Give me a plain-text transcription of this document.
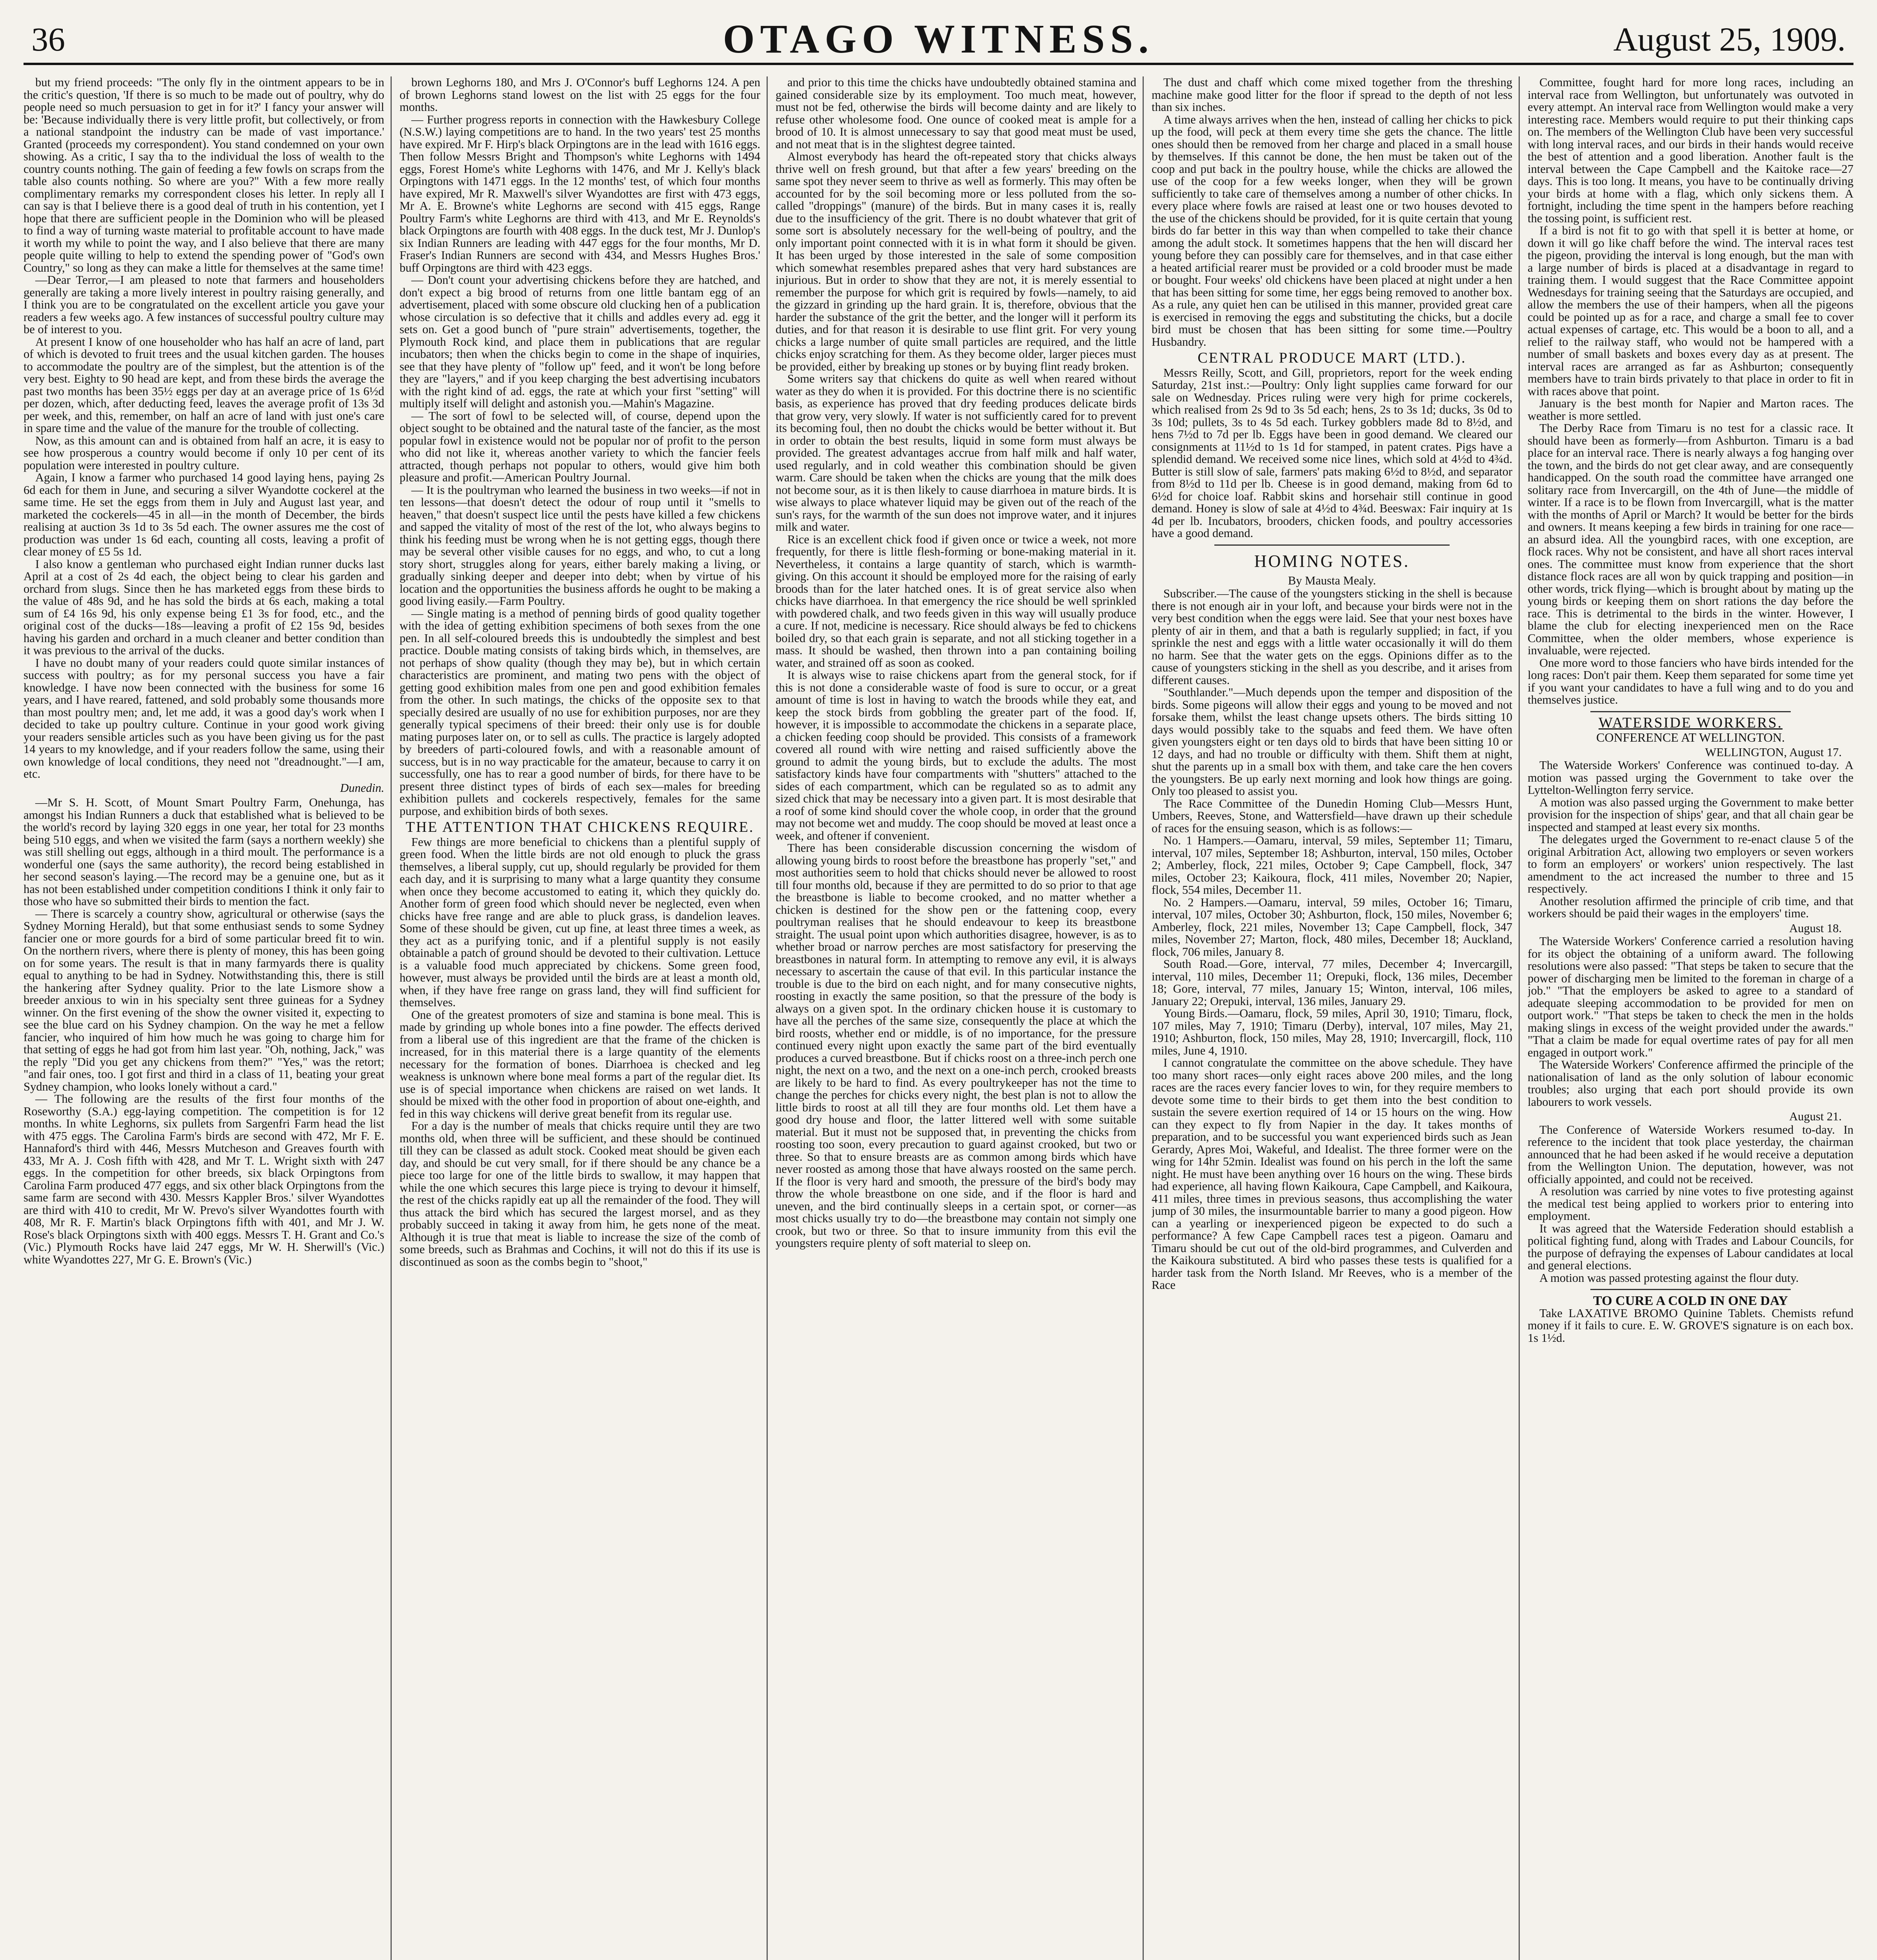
36	OTAGO WITNESS.	August 25, 1909.

but my friend proceeds: "The only fly in the ointment appears to be in the critic's question, 'If there is so much to be made out of poultry, why do people need so much persuasion to get in for it?' I fancy your answer will be: 'Because individually there is very little profit, but collectively, or from a national standpoint the industry can be made of vast importance.' Granted (proceeds my correspondent). You stand condemned on your own showing. As a critic, I say tha to the individual the loss of wealth to the country counts nothing. The gain of feeding a few fowls on scraps from the table also counts nothing. So where are you?" With a few more really complimentary remarks my correspondent closes his letter. In reply all I can say is that I believe there is a good deal of truth in his contention, yet I hope that there are sufficient people in the Dominion who will be pleased to find a way of turning waste material to profitable account to have made it worth my while to point the way, and I also believe that there are many people quite willing to help to extend the spending power of "God's own Country," so long as they can make a little for themselves at the same time!

—Dear Terror,—I am pleased to note that farmers and householders generally are taking a more lively interest in poultry raising generally, and I think you are to be congratulated on the excellent article you gave your readers a few weeks ago. A few instances of successful poultry culture may be of interest to you.

At present I know of one householder who has half an acre of land, part of which is devoted to fruit trees and the usual kitchen garden. The houses to accommodate the poultry are of the simplest, but the attention is of the very best. Eighty to 90 head are kept, and from these birds the average the past two months has been 35½ eggs per day at an average price of 1s 6½d per dozen, which, after deducting feed, leaves the average profit of 13s 3d per week, and this, remember, on half an acre of land with just one's care in spare time and the value of the manure for the trouble of collecting.

Now, as this amount can and is obtained from half an acre, it is easy to see how prosperous a country would become if only 10 per cent of its population were interested in poultry culture.

Again, I know a farmer who purchased 14 good laying hens, paying 2s 6d each for them in June, and securing a silver Wyandotte cockerel at the same time. He set the eggs from them in July and August last year, and marketed the cockerels—45 in all—in the month of December, the birds realising at auction 3s 1d to 3s 5d each. The owner assures me the cost of production was under 1s 6d each, counting all costs, leaving a profit of clear money of £5 5s 1d.

I also know a gentleman who purchased eight Indian runner ducks last April at a cost of 2s 4d each, the object being to clear his garden and orchard from slugs. Since then he has marketed eggs from these birds to the value of 48s 9d, and he has sold the birds at 6s each, making a total sum of £4 16s 9d, his only expense being £1 3s for food, etc., and the original cost of the ducks—18s—leaving a profit of £2 15s 9d, besides having his garden and orchard in a much cleaner and better condition than it was previous to the arrival of the ducks.

I have no doubt many of your readers could quote similar instances of success with poultry; as for my personal success you have a fair knowledge. I have now been connected with the business for some 16 years, and I have reared, fattened, and sold probably some thousands more than most poultry men; and, let me add, it was a good day's work when I decided to take up poultry culture. Continue in your good work giving your readers sensible articles such as you have been giving us for the past 14 years to my knowledge, and if your readers follow the same, using their own knowledge of local conditions, they need not "dreadnought."—I am, etc.

Dunedin.

—Mr S. H. Scott, of Mount Smart Poultry Farm, Onehunga, has amongst his Indian Runners a duck that established what is believed to be the world's record by laying 320 eggs in one year, her total for 23 months being 510 eggs, and when we visited the farm (says a northern weekly) she was still shelling out eggs, although in a third moult. The performance is a wonderful one (says the same authority), the record being established in her second season's laying.—The record may be a genuine one, but as it has not been established under competition conditions I think it only fair to those who have so submitted their birds to mention the fact.

— There is scarcely a country show, agricultural or otherwise (says the Sydney Morning Herald), but that some enthusiast sends to some Sydney fancier one or more gourds for a bird of some particular breed fit to win. On the northern rivers, where there is plenty of money, this has been going on for some years. The result is that in many farmyards there is quality equal to anything to be had in Sydney. Notwithstanding this, there is still the hankering after Sydney quality. Prior to the late Lismore show a breeder anxious to win in his specialty sent three guineas for a Sydney winner. On the first evening of the show the owner visited it, expecting to see the blue card on his Sydney champion. On the way he met a fellow fancier, who inquired of him how much he was going to charge him for that setting of eggs he had got from him last year. "Oh, nothing, Jack," was the reply "Did you get any chickens from them?" "Yes," was the retort; "and fair ones, too. I got first and third in a class of 11, beating your great Sydney champion, who looks lonely without a card."

— The following are the results of the first four months of the Roseworthy (S.A.) egg-laying competition. The competition is for 12 months. In white Leghorns, six pullets from Sargenfri Farm head the list with 475 eggs. The Carolina Farm's birds are second with 472, Mr F. E. Hannaford's third with 446, Messrs Mutcheson and Greaves fourth with 433, Mr A. J. Cosh fifth with 428, and Mr T. L. Wright sixth with 247 eggs. In the competition for other breeds, six black Orpingtons from Carolina Farm produced 477 eggs, and six other black Orpingtons from the same farm are second with 430. Messrs Kappler Bros.' silver Wyandottes are third with 410 to credit, Mr W. Prevo's silver Wyandottes fourth with 408, Mr R. F. Martin's black Orpingtons fifth with 401, and Mr J. W. Rose's black Orpingtons sixth with 400 eggs. Messrs T. H. Grant and Co.'s (Vic.) Plymouth Rocks have laid 247 eggs, Mr W. H. Sherwill's (Vic.) white Wyandottes 227, Mr G. E. Brown's (Vic.)

brown Leghorns 180, and Mrs J. O'Connor's buff Leghorns 124. A pen of brown Leghorns stand lowest on the list with 25 eggs for the four months.

— Further progress reports in connection with the Hawkesbury College (N.S.W.) laying competitions are to hand. In the two years' test 25 months have expired. Mr F. Hirp's black Orpingtons are in the lead with 1616 eggs. Then follow Messrs Bright and Thompson's white Leghorns with 1494 eggs, Forest Home's white Leghorns with 1476, and Mr J. Kelly's black Orpingtons with 1471 eggs. In the 12 months' test, of which four months have expired, Mr R. Maxwell's silver Wyandottes are first with 473 eggs, Mr A. E. Browne's white Leghorns are second with 415 eggs, Range Poultry Farm's white Leghorns are third with 413, and Mr E. Reynolds's black Orpingtons are fourth with 408 eggs. In the duck test, Mr J. Dunlop's six Indian Runners are leading with 447 eggs for the four months, Mr D. Fraser's Indian Runners are second with 434, and Messrs Hughes Bros.' buff Orpingtons are third with 423 eggs.

— Don't count your advertising chickens before they are hatched, and don't expect a big brood of returns from one little bantam egg of an advertisement, placed with some obscure old clucking hen of a publication whose circulation is so defective that it chills and addles every ad. egg it sets on. Get a good bunch of "pure strain" advertisements, together, the Plymouth Rock kind, and place them in publications that are regular incubators; then when the chicks begin to come in the shape of inquiries, see that they have plenty of "follow up" feed, and it won't be long before they are "layers," and if you keep charging the best advertising incubators with the right kind of ad. eggs, the rate at which your first "setting" will multiply itself will delight and astonish you.—Mahin's Magazine.

— The sort of fowl to be selected will, of course, depend upon the object sought to be obtained and the natural taste of the fancier, as the most popular fowl in existence would not be popular nor of profit to the person who did not like it, whereas another variety to which the fancier feels attracted, though perhaps not popular to others, would give him both pleasure and profit.—American Poultry Journal.

— It is the poultryman who learned the business in two weeks—if not in ten lessons—that doesn't detect the odour of roup until it "smells to heaven," that doesn't suspect lice until the pests have killed a few chickens and sapped the vitality of most of the rest of the lot, who always begins to think his feeding must be wrong when he is not getting eggs, though there may be several other visible causes for no eggs, and who, to cut a long story short, struggles along for years, either barely making a living, or gradually sinking deeper and deeper into debt; when by virtue of his location and the opportunities the business affords he ought to be making a good living easily.—Farm Poultry.

— Single mating is a method of penning birds of good quality together with the idea of getting exhibition specimens of both sexes from the one pen. In all self-coloured breeds this is undoubtedly the simplest and best practice. Double mating consists of taking birds which, in themselves, are not perhaps of show quality (though they may be), but in which certain characteristics are prominent, and mating two pens with the object of getting good exhibition males from one pen and good exhibition females from the other. In such matings, the chicks of the opposite sex to that specially desired are usually of no use for exhibition purposes, nor are they generally typical specimens of their breed: their only use is for double mating purposes later on, or to sell as culls. The practice is largely adopted by breeders of parti-coloured fowls, and with a reasonable amount of success, but is in no way practicable for the amateur, because to carry it on successfully, one has to rear a good number of birds, for there have to be present three distinct types of birds of each sex—males for breeding exhibition pullets and cockerels respectively, females for the same purpose, and exhibition birds of both sexes.

THE ATTENTION THAT CHICKENS REQUIRE.

Few things are more beneficial to chickens than a plentiful supply of green food. When the little birds are not old enough to pluck the grass themselves, a liberal supply, cut up, should regularly be provided for them each day, and it is surprising to many what a large quantity they consume when once they become accustomed to eating it, which they quickly do. Another form of green food which should never be neglected, even when chicks have free range and are able to pluck grass, is dandelion leaves. Some of these should be given, cut up fine, at least three times a week, as they act as a purifying tonic, and if a plentiful supply is not easily obtainable a patch of ground should be devoted to their cultivation. Lettuce is a valuable food much appreciated by chickens. Some green food, however, must always be provided until the birds are at least a month old, when, if they have free range on grass land, they will find sufficient for themselves.

One of the greatest promoters of size and stamina is bone meal. This is made by grinding up whole bones into a fine powder. The effects derived from a liberal use of this ingredient are that the frame of the chicken is increased, for in this material there is a large quantity of the elements necessary for the formation of bones. Diarrhoea is checked and leg weakness is unknown where bone meal forms a part of the regular diet. Its use is of special importance when chickens are raised on wet lands. It should be mixed with the other food in proportion of about one-eighth, and fed in this way chickens will derive great benefit from its regular use.

For a day is the number of meals that chicks require until they are two months old, when three will be sufficient, and these should be continued till they can be classed as adult stock. Cooked meat should be given each day, and should be cut very small, for if there should be any chance be a piece too large for one of the little birds to swallow, it may happen that while the one which secures this large piece is trying to devour it himself, the rest of the chicks rapidly eat up all the remainder of the food. They will thus attack the bird which has secured the largest morsel, and as they probably succeed in taking it away from him, he gets none of the meat. Although it is true that meat is liable to increase the size of the comb of some breeds, such as Brahmas and Cochins, it will not do this if its use is discontinued as soon as the combs begin to "shoot,"

and prior to this time the chicks have undoubtedly obtained stamina and gained considerable size by its employment. Too much meat, however, must not be fed, otherwise the birds will become dainty and are likely to refuse other wholesome food. One ounce of cooked meat is ample for a brood of 10. It is almost unnecessary to say that good meat must be used, and not meat that is in the slightest degree tainted.

Almost everybody has heard the oft-repeated story that chicks always thrive well on fresh ground, but that after a few years' breeding on the same spot they never seem to thrive as well as formerly. This may often be accounted for by the soil becoming more or less polluted from the so-called "droppings" (manure) of the birds. But in many cases it is, really due to the insufficiency of the grit. There is no doubt whatever that grit of some sort is absolutely necessary for the well-being of poultry, and the only important point connected with it is in what form it should be given. It has been urged by those interested in the sale of some composition which somewhat resembles prepared ashes that very hard substances are injurious. But in order to show that they are not, it is merely essential to remember the purpose for which grit is required by fowls—namely, to aid the gizzard in grinding up the hard grain. It is, therefore, obvious that the harder the substance of the grit the better, and the longer will it perform its duties, and for that reason it is desirable to use flint grit. For very young chicks a large number of quite small particles are required, and the little chicks enjoy scratching for them. As they become older, larger pieces must be provided, either by breaking up stones or by buying flint ready broken.

Some writers say that chickens do quite as well when reared without water as they do when it is provided. For this doctrine there is no scientific basis, as experience has proved that dry feeding produces delicate birds that grow very, very slowly. If water is not sufficiently cared for to prevent its becoming foul, then no doubt the chicks would be better without it. But in order to obtain the best results, liquid in some form must always be provided. The greatest advantages accrue from half milk and half water, used regularly, and in cold weather this combination should be given warm. Care should be taken when the chicks are young that the milk does not become sour, as it is then likely to cause diarrhoea in mature birds. It is wise always to place whatever liquid may be given out of the reach of the sun's rays, for the warmth of the sun does not improve water, and it injures milk and water.

Rice is an excellent chick food if given once or twice a week, not more frequently, for there is little flesh-forming or bone-making material in it. Nevertheless, it contains a large quantity of starch, which is warmth-giving. On this account it should be employed more for the raising of early broods than for the later hatched ones. It is of great service also when chicks have diarrhoea. In that emergency the rice should be well sprinkled with powdered chalk, and two feeds given in this way will usually produce a cure. If not, medicine is necessary. Rice should always be fed to chickens boiled dry, so that each grain is separate, and not all sticking together in a mass. It should be washed, then thrown into a pan containing boiling water, and strained off as soon as cooked.

It is always wise to raise chickens apart from the general stock, for if this is not done a considerable waste of food is sure to occur, or a great amount of time is lost in having to watch the broods while they eat, and keep the stock birds from gobbling the greater part of the food. If, however, it is impossible to accommodate the chickens in a separate place, a chicken feeding coop should be provided. This consists of a framework covered all round with wire netting and raised sufficiently above the ground to admit the young birds, but to exclude the adults. The most satisfactory kinds have four compartments with "shutters" attached to the sides of each compartment, which can be regulated so as to admit any sized chick that may be necessary into a given part. It is most desirable that a roof of some kind should cover the whole coop, in order that the ground may not become wet and muddy. The coop should be moved at least once a week, and oftener if convenient.

There has been considerable discussion concerning the wisdom of allowing young birds to roost before the breastbone has properly "set," and most authorities seem to hold that chicks should never be allowed to roost till four months old, because if they are permitted to do so prior to that age the breastbone is liable to become crooked, and no matter whether a chicken is destined for the show pen or the fattening coop, every poultryman realises that he should endeavour to keep its breastbone straight. The usual point upon which authorities disagree, however, is as to whether broad or narrow perches are most satisfactory for preserving the breastbones in natural form. In attempting to remove any evil, it is always necessary to ascertain the cause of that evil. In this particular instance the trouble is due to the bird on each night, and for many consecutive nights, roosting in exactly the same position, so that the pressure of the body is always on a given spot. In the ordinary chicken house it is customary to have all the perches of the same size, consequently the place at which the bird roosts, whether end or middle, is of no importance, for the pressure continued every night upon exactly the same part of the bird eventually produces a curved breastbone. But if chicks roost on a three-inch perch one night, the next on a two, and the next on a one-inch perch, crooked breasts are likely to be hard to find. As every poultrykeeper has not the time to change the perches for chicks every night, the best plan is not to allow the little birds to roost at all till they are four months old. Let them have a good dry house and floor, the latter littered well with some suitable material. But it must not be supposed that, in preventing the chicks from roosting too soon, every precaution to guard against crooked, but two or three. So that to ensure breasts are as common among birds which have never roosted as among those that have always roosted on the same perch. If the floor is very hard and smooth, the pressure of the bird's body may throw the whole breastbone on one side, and if the floor is hard and uneven, and the bird continually sleeps in a certain spot, or corner—as most chicks usually try to do—the breastbone may contain not simply one crook, but two or three. So that to insure immunity from this evil the youngsters require plenty of soft material to sleep on.

The dust and chaff which come mixed together from the threshing machine make good litter for the floor if spread to the depth of not less than six inches.

A time always arrives when the hen, instead of calling her chicks to pick up the food, will peck at them every time she gets the chance. The little ones should then be removed from her charge and placed in a small house by themselves. If this cannot be done, the hen must be taken out of the coop and put back in the poultry house, while the chicks are allowed the use of the coop for a few weeks longer, when they will be grown sufficiently to take care of themselves among a number of other chicks. In every place where fowls are raised at least one or two houses devoted to the use of the chickens should be provided, for it is quite certain that young birds do far better in this way than when compelled to take their chance among the adult stock. It sometimes happens that the hen will discard her young before they can possibly care for themselves, and in that case either a heated artificial rearer must be provided or a cold brooder must be made or bought. Four weeks' old chickens have been placed at night under a hen that has been sitting for some time, her eggs being removed to another box. As a rule, any quiet hen can be utilised in this manner, provided great care is exercised in removing the eggs and substituting the chicks, but a docile bird must be chosen that has been sitting for some time.—Poultry Husbandry.

CENTRAL PRODUCE MART (LTD.).

Messrs Reilly, Scott, and Gill, proprietors, report for the week ending Saturday, 21st inst.:—Poultry: Only light supplies came forward for our sale on Wednesday. Prices ruling were very high for prime cockerels, which realised from 2s 9d to 3s 5d each; hens, 2s to 3s 1d; ducks, 3s 0d to 3s 10d; pullets, 3s to 4s 5d each. Turkey gobblers made 8d to 8½d, and hens 7½d to 7d per lb. Eggs have been in good demand. We cleared our consignments at 11½d to 1s 1d for stamped, in patent crates. Pigs have a splendid demand. We received some nice lines, which sold at 4½d to 4¾d. Butter is still slow of sale, farmers' pats making 6½d to 8½d, and separator from 8½d to 11d per lb. Cheese is in good demand, making from 6d to 6½d for choice loaf. Rabbit skins and horsehair still continue in good demand. Honey is slow of sale at 4½d to 4¾d. Beeswax: Fair inquiry at 1s 4d per lb. Incubators, brooders, chicken foods, and poultry accessories have a good demand.

HOMING NOTES.
By Mausta Mealy.

Subscriber.—The cause of the youngsters sticking in the shell is because there is not enough air in your loft, and because your birds were not in the very best condition when the eggs were laid. See that your nest boxes have plenty of air in them, and that a bath is regularly supplied; in fact, if you sprinkle the nest and eggs with a little water occasionally it will do them no harm. See that the water gets on the eggs. Opinions differ as to the cause of youngsters sticking in the shell as you describe, and it arises from different causes.

"Southlander."—Much depends upon the temper and disposition of the birds. Some pigeons will allow their eggs and young to be moved and not forsake them, whilst the least change upsets others. The birds sitting 10 days would possibly take to the squabs and feed them. We have often given youngsters eight or ten days old to birds that have been sitting 10 or 12 days, and had no trouble or difficulty with them. Shift them at night, shut the parents up in a small box with them, and take care the hen covers the youngsters. Be up early next morning and look how things are going. Only too pleased to assist you.

The Race Committee of the Dunedin Homing Club—Messrs Hunt, Umbers, Reeves, Stone, and Wattersfield—have drawn up their schedule of races for the ensuing season, which is as follows:—

No. 1 Hampers.—Oamaru, interval, 59 miles, September 11; Timaru, interval, 107 miles, September 18; Ashburton, interval, 150 miles, October 2; Amberley, flock, 221 miles, October 9; Cape Campbell, flock, 347 miles, October 23; Kaikoura, flock, 411 miles, November 20; Napier, flock, 554 miles, December 11.

No. 2 Hampers.—Oamaru, interval, 59 miles, October 16; Timaru, interval, 107 miles, October 30; Ashburton, flock, 150 miles, November 6; Amberley, flock, 221 miles, November 13; Cape Campbell, flock, 347 miles, November 27; Marton, flock, 480 miles, December 18; Auckland, flock, 706 miles, January 8.

South Road.—Gore, interval, 77 miles, December 4; Invercargill, interval, 110 miles, December 11; Orepuki, flock, 136 miles, December 18; Gore, interval, 77 miles, January 15; Winton, interval, 106 miles, January 22; Orepuki, interval, 136 miles, January 29.

Young Birds.—Oamaru, flock, 59 miles, April 30, 1910; Timaru, flock, 107 miles, May 7, 1910; Timaru (Derby), interval, 107 miles, May 21, 1910; Ashburton, flock, 150 miles, May 28, 1910; Invercargill, flock, 110 miles, June 4, 1910.

I cannot congratulate the committee on the above schedule. They have too many short races—only eight races above 200 miles, and the long races are the races every fancier loves to win, for they require members to devote some time to their birds to get them into the best condition to sustain the severe exertion required of 14 or 15 hours on the wing. How can they expect to fly from Napier in the day. It takes months of preparation, and to be successful you want experienced birds such as Jean Gerardy, Apres Moi, Wakeful, and Idealist. The three former were on the wing for 14hr 52min. Idealist was found on his perch in the loft the same night. He must have been anything over 16 hours on the wing. These birds had experience, all having flown Kaikoura, Cape Campbell, and Kaikoura, 411 miles, three times in previous seasons, thus accomplishing the water jump of 30 miles, the insurmountable barrier to many a good pigeon. How can a yearling or inexperienced pigeon be expected to do such a performance? A few Cape Campbell races test a pigeon. Oamaru and Timaru should be cut out of the old-bird programmes, and Culverden and the Kaikoura substituted. A bird who passes these tests is qualified for a harder task from the North Island. Mr Reeves, who is a member of the Race

Committee, fought hard for more long races, including an interval race from Wellington, but unfortunately was outvoted in every attempt. An interval race from Wellington would make a very interesting race. Members would require to put their thinking caps on. The members of the Wellington Club have been very successful with long interval races, and our birds in their hands would receive the best of attention and a good liberation. Another fault is the interval between the Cape Campbell and the Kaitoke race—27 days. This is too long. It means, you have to be continually driving your birds at home with a flag, which only sickens them. A fortnight, including the time spent in the hampers before reaching the tossing point, is sufficient rest.

If a bird is not fit to go with that spell it is better at home, or down it will go like chaff before the wind. The interval races test the pigeon, providing the interval is long enough, but the man with a large number of birds is placed at a disadvantage in regard to training them. I would suggest that the Race Committee appoint Wednesdays for training seeing that the Saturdays are occupied, and allow the members the use of their hampers, when all the pigeons could be pointed up as for a race, and charge a small fee to cover actual expenses of cartage, etc. This would be a boon to all, and a relief to the railway staff, who would not be hampered with a number of small baskets and boxes every day as at present. The interval races are arranged as far as Ashburton; consequently members have to train birds privately to that place in order to fit in with races above that point.

January is the best month for Napier and Marton races. The weather is more settled.

The Derby Race from Timaru is no test for a classic race. It should have been as formerly—from Ashburton. Timaru is a bad place for an interval race. There is nearly always a fog hanging over the town, and the birds do not get clear away, and are consequently handicapped. On the south road the committee have arranged one solitary race from Invercargill, on the 4th of June—the middle of winter. If a race is to be flown from Invercargill, what is the matter with the months of April or March? It would be better for the birds and owners. It means keeping a few birds in training for one race—an absurd idea. All the youngbird races, with one exception, are flock races. Why not be consistent, and have all short races interval ones. The committee must know from experience that the short distance flock races are all won by quick trapping and position—in other words, trick flying—which is brought about by mating up the young birds or keeping them on short rations the day before the race. This is detrimental to the birds in the winter. However, I blame the club for electing inexperienced men on the Race Committee, when the older members, whose experience is invaluable, were rejected.

One more word to those fanciers who have birds intended for the long races: Don't pair them. Keep them separated for some time yet if you want your candidates to have a full wing and to do you and themselves justice.

WATERSIDE WORKERS.
CONFERENCE AT WELLINGTON.
WELLINGTON, August 17.

The Waterside Workers' Conference was continued to-day. A motion was passed urging the Government to take over the Lyttelton-Wellington ferry service.

A motion was also passed urging the Government to make better provision for the inspection of ships' gear, and that all chain gear be inspected and stamped at least every six months.

The delegates urged the Government to re-enact clause 5 of the original Arbitration Act, allowing two employers or seven workers to form an employers' or workers' union respectively. The last amendment to the act increased the number to three and 15 respectively.

Another resolution affirmed the principle of crib time, and that workers should be paid their wages in the employers' time.

August 18.

The Waterside Workers' Conference carried a resolution having for its object the obtaining of a uniform award. The following resolutions were also passed: "That steps be taken to secure that the power of discharging men be limited to the foreman in charge of a job." "That the employers be asked to agree to a standard of adequate sleeping accommodation to be provided for men on outport work." "That steps be taken to check the men in the holds making slings in excess of the weight provided under the awards." "That a claim be made for equal overtime rates of pay for all men engaged in outport work."

The Waterside Workers' Conference affirmed the principle of the nationalisation of land as the only solution of labour economic troubles; also urging that each port should provide its own labourers to work vessels.

August 21.

The Conference of Waterside Workers resumed to-day. In reference to the incident that took place yesterday, the chairman announced that he had been asked if he would receive a deputation from the Wellington Union. The deputation, however, was not officially appointed, and could not be received.

A resolution was carried by nine votes to five protesting against the medical test being applied to workers prior to entering into employment.

It was agreed that the Waterside Federation should establish a political fighting fund, along with Trades and Labour Councils, for the purpose of defraying the expenses of Labour candidates at local and general elections.

A motion was passed protesting against the flour duty.

TO CURE A COLD IN ONE DAY

Take LAXATIVE BROMO Quinine Tablets. Chemists refund money if it fails to cure. E. W. GROVE'S signature is on each box. 1s 1½d.
